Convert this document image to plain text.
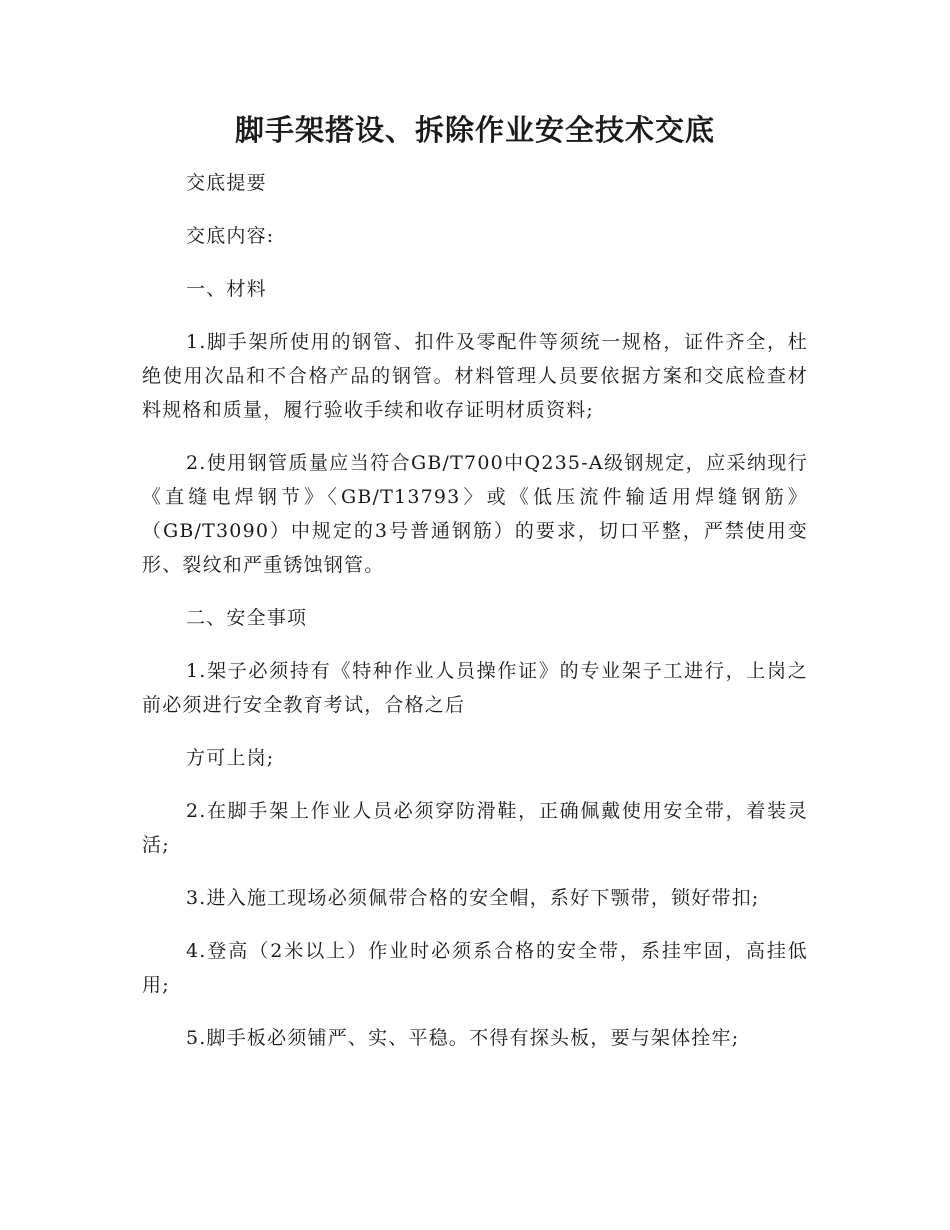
脚手架搭设、拆除作业安全技术交底

交底提要

交底内容:

一、材料

1.脚手架所使用的钢管、扣件及零配件等须统一规格，证件齐全，杜绝使用次品和不合格产品的钢管。材料管理人员要依据方案和交底检查材料规格和质量，履行验收手续和收存证明材质资料;

2.使用钢管质量应当符合GB/T700中Q235-A级钢规定，应采纳现行《直缝电焊钢节》〈GB/T13793〉或《低压流件输适用焊缝钢筋》（GB/T3090）中规定的3号普通钢筋）的要求，切口平整，严禁使用变形、裂纹和严重锈蚀钢管。

二、安全事项

1.架子必须持有《特种作业人员操作证》的专业架子工进行，上岗之前必须进行安全教育考试，合格之后

方可上岗;

2.在脚手架上作业人员必须穿防滑鞋，正确佩戴使用安全带，着装灵活;

3.进入施工现场必须佩带合格的安全帽，系好下颚带，锁好带扣;

4.登高（2米以上）作业时必须系合格的安全带，系挂牢固，高挂低用;

5.脚手板必须铺严、实、平稳。不得有探头板，要与架体拴牢;
